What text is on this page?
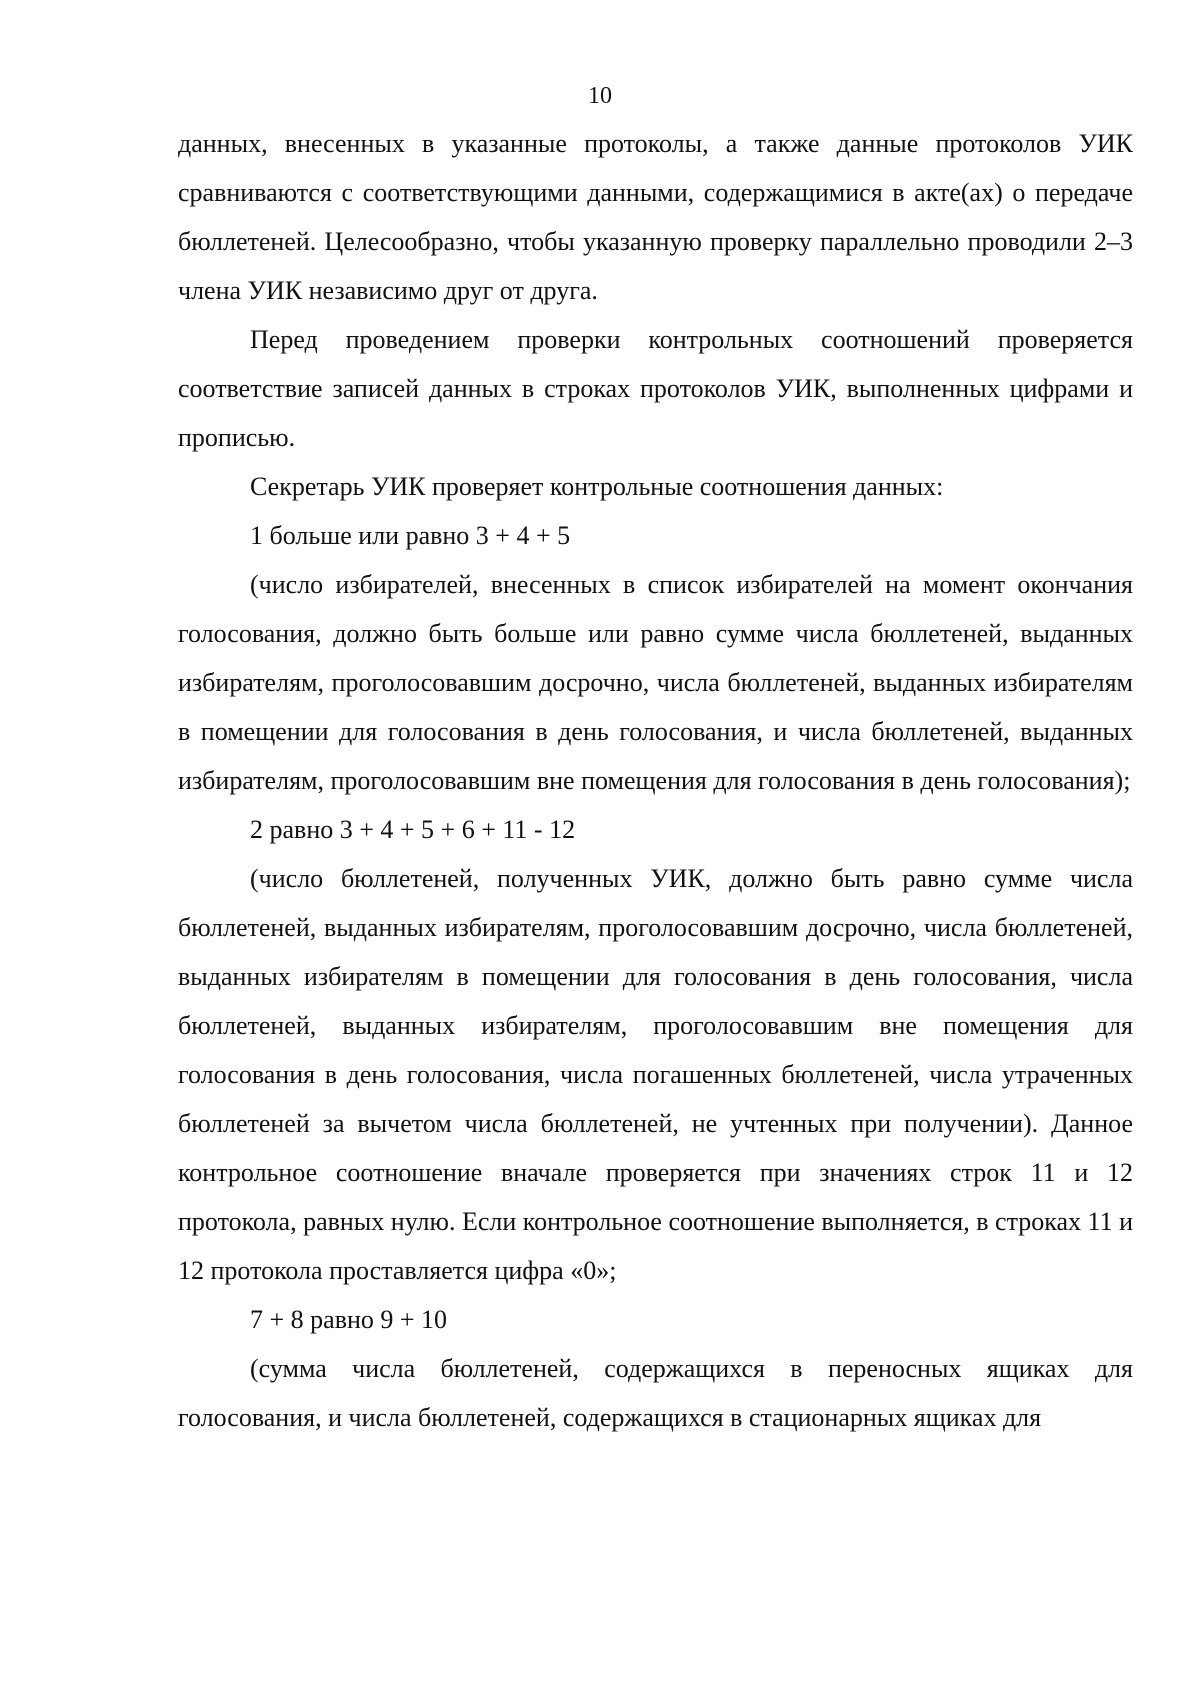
10

данных, внесенных в указанные протоколы, а также данные протоколов УИК сравниваются с соответствующими данными, содержащимися в акте(ах) о передаче бюллетеней. Целесообразно, чтобы указанную проверку параллельно проводили 2–3 члена УИК независимо друг от друга.

Перед проведением проверки контрольных соотношений проверяется соответствие записей данных в строках протоколов УИК, выполненных цифрами и прописью.

Секретарь УИК проверяет контрольные соотношения данных:

1 больше или равно 3 + 4 + 5

(число избирателей, внесенных в список избирателей на момент окончания голосования, должно быть больше или равно сумме числа бюллетеней, выданных избирателям, проголосовавшим досрочно, числа бюллетеней, выданных избирателям в помещении для голосования в день голосования, и числа бюллетеней, выданных избирателям, проголосовавшим вне помещения для голосования в день голосования);

2 равно 3 + 4 + 5 + 6 + 11 - 12

(число бюллетеней, полученных УИК, должно быть равно сумме числа бюллетеней, выданных избирателям, проголосовавшим досрочно, числа бюллетеней, выданных избирателям в помещении для голосования в день голосования, числа бюллетеней, выданных избирателям, проголосовавшим вне помещения для голосования в день голосования, числа погашенных бюллетеней, числа утраченных бюллетеней за вычетом числа бюллетеней, не учтенных при получении). Данное контрольное соотношение вначале проверяется при значениях строк 11 и 12 протокола, равных нулю. Если контрольное соотношение выполняется, в строках 11 и 12 протокола проставляется цифра «0»;

7 + 8 равно 9 + 10

(сумма числа бюллетеней, содержащихся в переносных ящиках для голосования, и числа бюллетеней, содержащихся в стационарных ящиках для
